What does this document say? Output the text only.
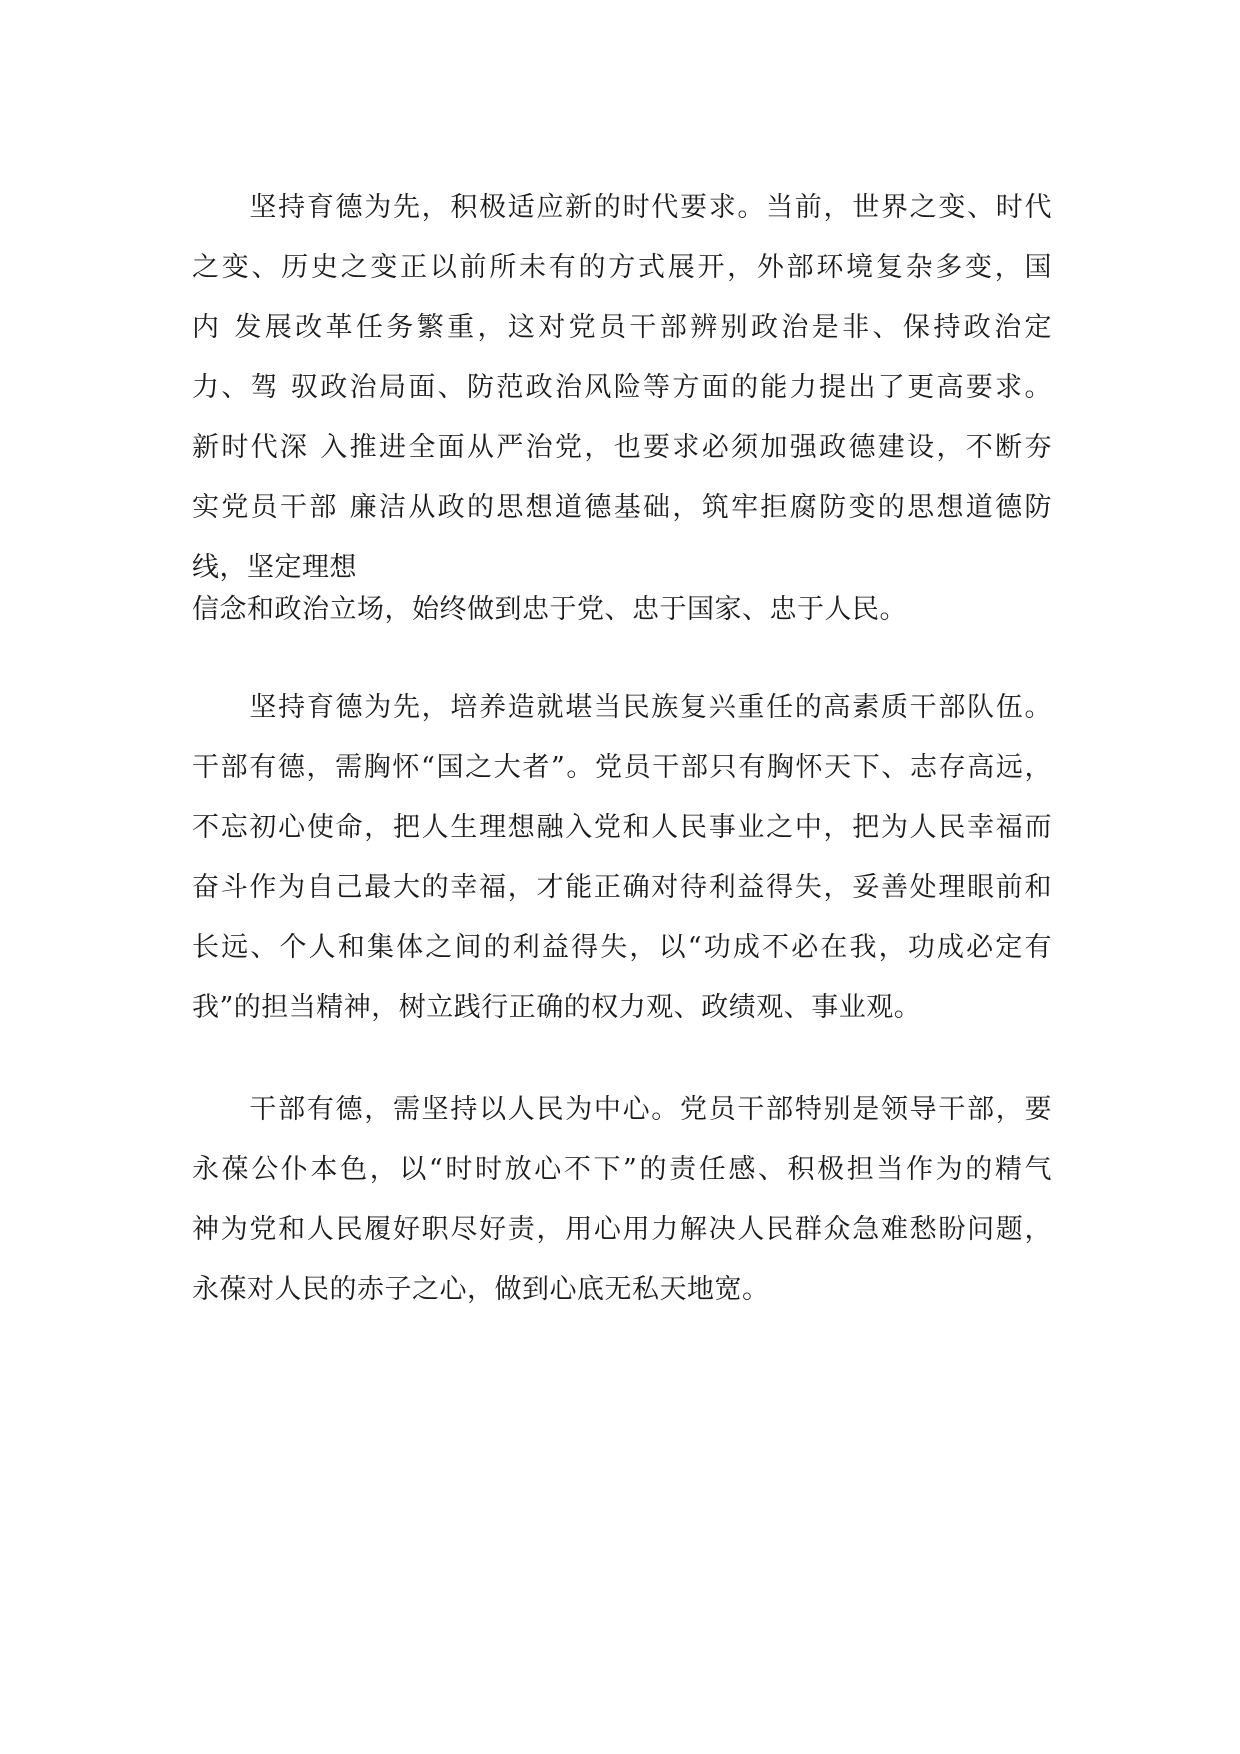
　　坚持育德为先，积极适应新的时代要求。当前，世界之变、时代
之变、历史之变正以前所未有的方式展开，外部环境复杂多变，国
内 发展改革任务繁重，这对党员干部辨别政治是非、保持政治定
力、驾 驭政治局面、防范政治风险等方面的能力提出了更高要求。
新时代深 入推进全面从严治党，也要求必须加强政德建设，不断夯
实党员干部 廉洁从政的思想道德基础，筑牢拒腐防变的思想道德防
线，坚定理想
信念和政治立场，始终做到忠于党、忠于国家、忠于人民。
　　坚持育德为先，培养造就堪当民族复兴重任的高素质干部队伍。
干部有德，需胸怀“国之大者”。党员干部只有胸怀天下、志存高远，
不忘初心使命，把人生理想融入党和人民事业之中，把为人民幸福而
奋斗作为自己最大的幸福，才能正确对待利益得失，妥善处理眼前和
长远、个人和集体之间的利益得失，以“功成不必在我，功成必定有
我”的担当精神，树立践行正确的权力观、政绩观、事业观。
　　干部有德，需坚持以人民为中心。党员干部特别是领导干部，要
永葆公仆本色，以“时时放心不下”的责任感、积极担当作为的精气
神为党和人民履好职尽好责，用心用力解决人民群众急难愁盼问题，
永葆对人民的赤子之心，做到心底无私天地宽。
